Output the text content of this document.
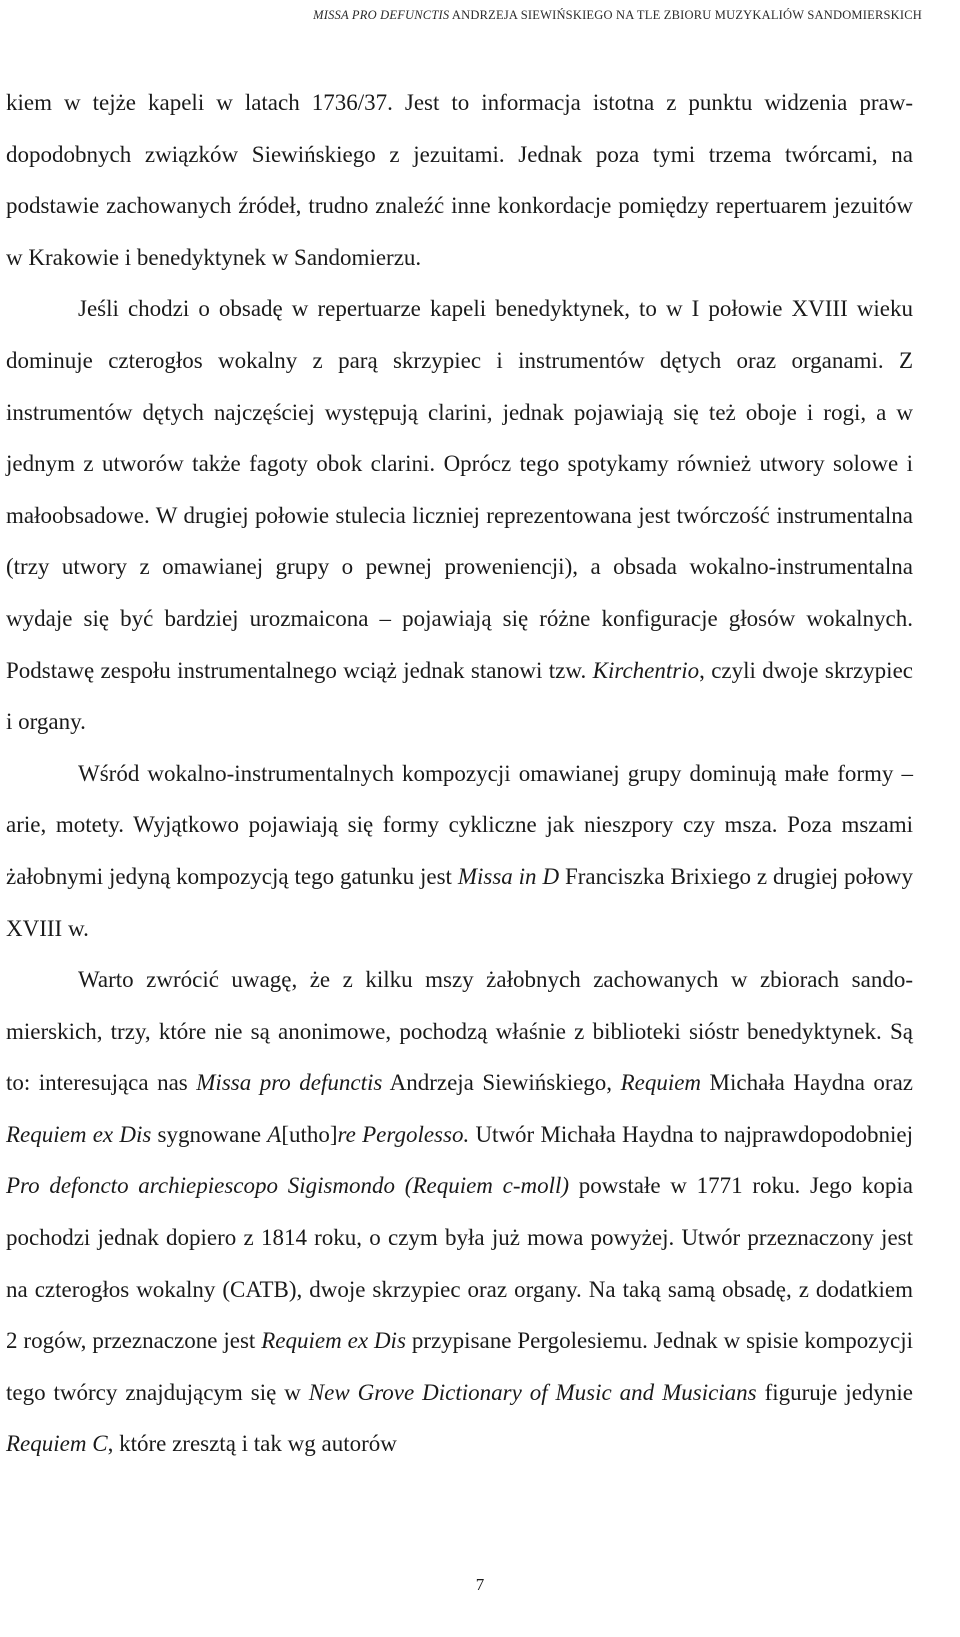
MISSA PRO DEFUNCTIS ANDRZEJA SIEWIŃSKIEGO NA TLE ZBIORU MUZYKALIÓW SANDOMIERSKICH

kiem w tejże kapeli w latach 1736/37. Jest to informacja istotna z punktu widzenia prawdopodobnych związków Siewińskiego z jezuitami. Jednak poza tymi trzema twórcami, na podstawie zachowanych źródeł, trudno znaleźć inne konkordacje pomiędzy repertuarem jezuitów w Krakowie i benedyktynek w Sandomierzu.

Jeśli chodzi o obsadę w repertuarze kapeli benedyktynek, to w I połowie XVIII wieku dominuje czterogłos wokalny z parą skrzypiec i instrumentów dętych oraz organami. Z instrumentów dętych najczęściej występują clarini, jednak pojawiają się też oboje i rogi, a w jednym z utworów także fagoty obok clarini. Oprócz tego spotykamy również utwory solowe i małoobsadowe. W drugiej połowie stulecia liczniej reprezentowana jest twórczość instrumentalna (trzy utwory z omawianej grupy o pewnej proweniencji), a obsada wokalno-instrumentalna wydaje się być bardziej urozmaicona – pojawiają się różne konfiguracje głosów wokalnych. Podstawę zespołu instrumentalnego wciąż jednak stanowi tzw. Kirchentrio, czyli dwoje skrzypiec i organy.

Wśród wokalno-instrumentalnych kompozycji omawianej grupy dominują małe formy – arie, motety. Wyjątkowo pojawiają się formy cykliczne jak nieszpory czy msza. Poza mszami żałobnymi jedyną kompozycją tego gatunku jest Missa in D Franciszka Brixiego z drugiej połowy XVIII w.

Warto zwrócić uwagę, że z kilku mszy żałobnych zachowanych w zbiorach sandomierskich, trzy, które nie są anonimowe, pochodzą właśnie z biblioteki sióstr benedyktynek. Są to: interesująca nas Missa pro defunctis Andrzeja Siewińskiego, Requiem Michała Haydna oraz Requiem ex Dis sygnowane A[utho]re Pergolesso. Utwór Michała Haydna to najprawdopodobniej Pro defoncto archiepiescopo Sigismondo (Requiem c-moll) powstałe w 1771 roku. Jego kopia pochodzi jednak dopiero z 1814 roku, o czym była już mowa powyżej. Utwór przeznaczony jest na czterogłos wokalny (CATB), dwoje skrzypiec oraz organy. Na taką samą obsadę, z dodatkiem 2 rogów, przeznaczone jest Requiem ex Dis przypisane Pergolesiemu. Jednak w spisie kompozycji tego twórcy znajdującym się w New Grove Dictionary of Music and Musicians figuruje jedynie Requiem C, które zresztą i tak wg autorów

7
